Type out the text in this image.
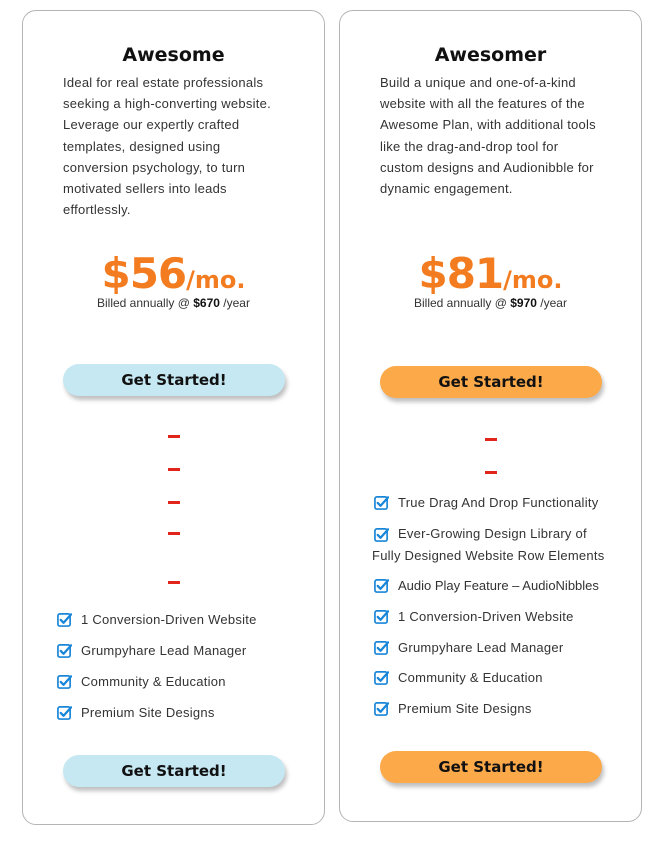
Awesome
Ideal for real estate professionals
seeking a high-converting website.
Leverage our expertly crafted
templates, designed using
conversion psychology, to turn
motivated sellers into leads
effortlessly.
$56/mo.
Billed annually @ $670 /year
Get Started!
1 Conversion-Driven Website
Grumpyhare Lead Manager
Community & Education
Premium Site Designs
Get Started!
Awesomer
Build a unique and one-of-a-kind
website with all the features of the
Awesome Plan, with additional tools
like the drag-and-drop tool for
custom designs and Audionibble for
dynamic engagement.
$81/mo.
Billed annually @ $970 /year
Get Started!
True Drag And Drop Functionality
Ever-Growing Design Library of
Fully Designed Website Row Elements
Audio Play Feature – AudioNibbles
1 Conversion-Driven Website
Grumpyhare Lead Manager
Community & Education
Premium Site Designs
Get Started!
